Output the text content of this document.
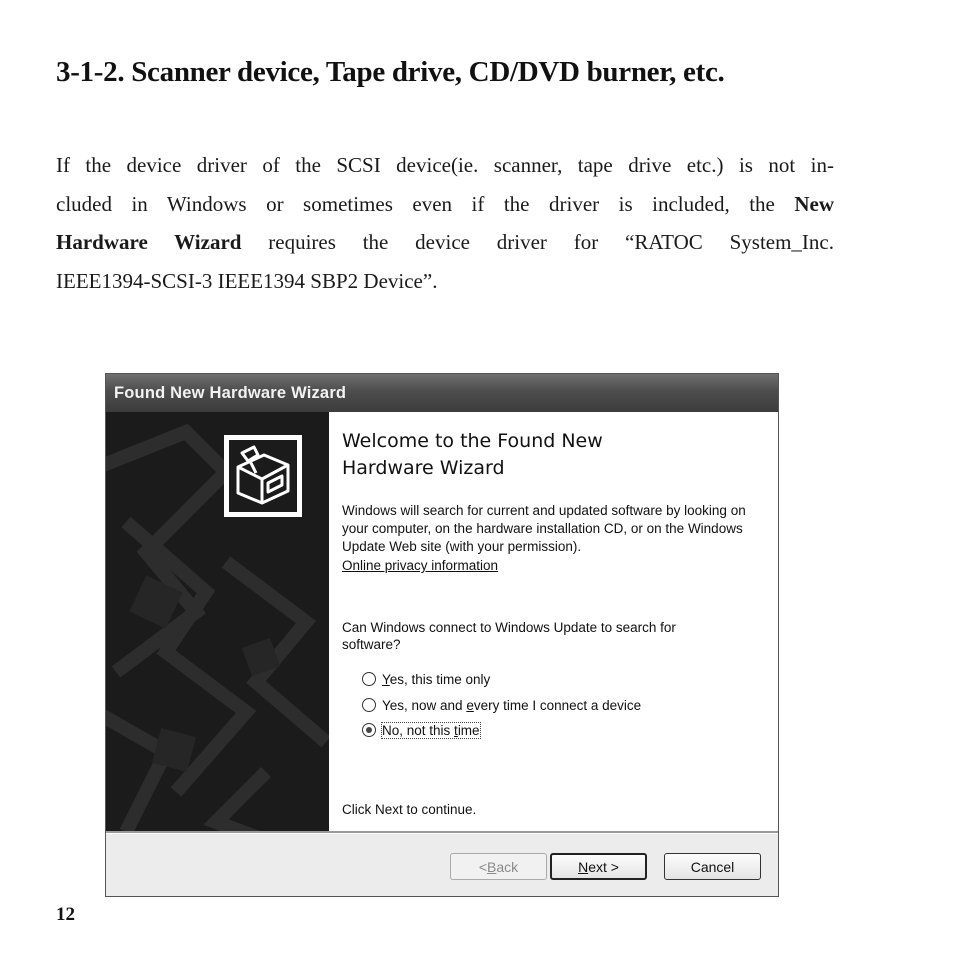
3-1-2. Scanner device, Tape drive, CD/DVD burner, etc.
If the device driver of the SCSI device(ie. scanner, tape drive etc.) is not in-
cluded in Windows or sometimes even if the driver is included, the New
Hardware Wizard requires the device driver for “RATOC System_Inc.
IEEE1394-SCSI-3 IEEE1394 SBP2 Device”.
Found New Hardware Wizard
Welcome to the Found New
Hardware Wizard

Windows will search for current and updated software by looking on your computer, on the hardware installation CD, or on the Windows Update Web site (with your permission).

Online privacy information

Can Windows connect to Windows Update to search for software?

Yes, this time only
Yes, now and every time I connect a device
No, not this time
Click Next to continue.
< B ack	N ext >	Cancel
12
